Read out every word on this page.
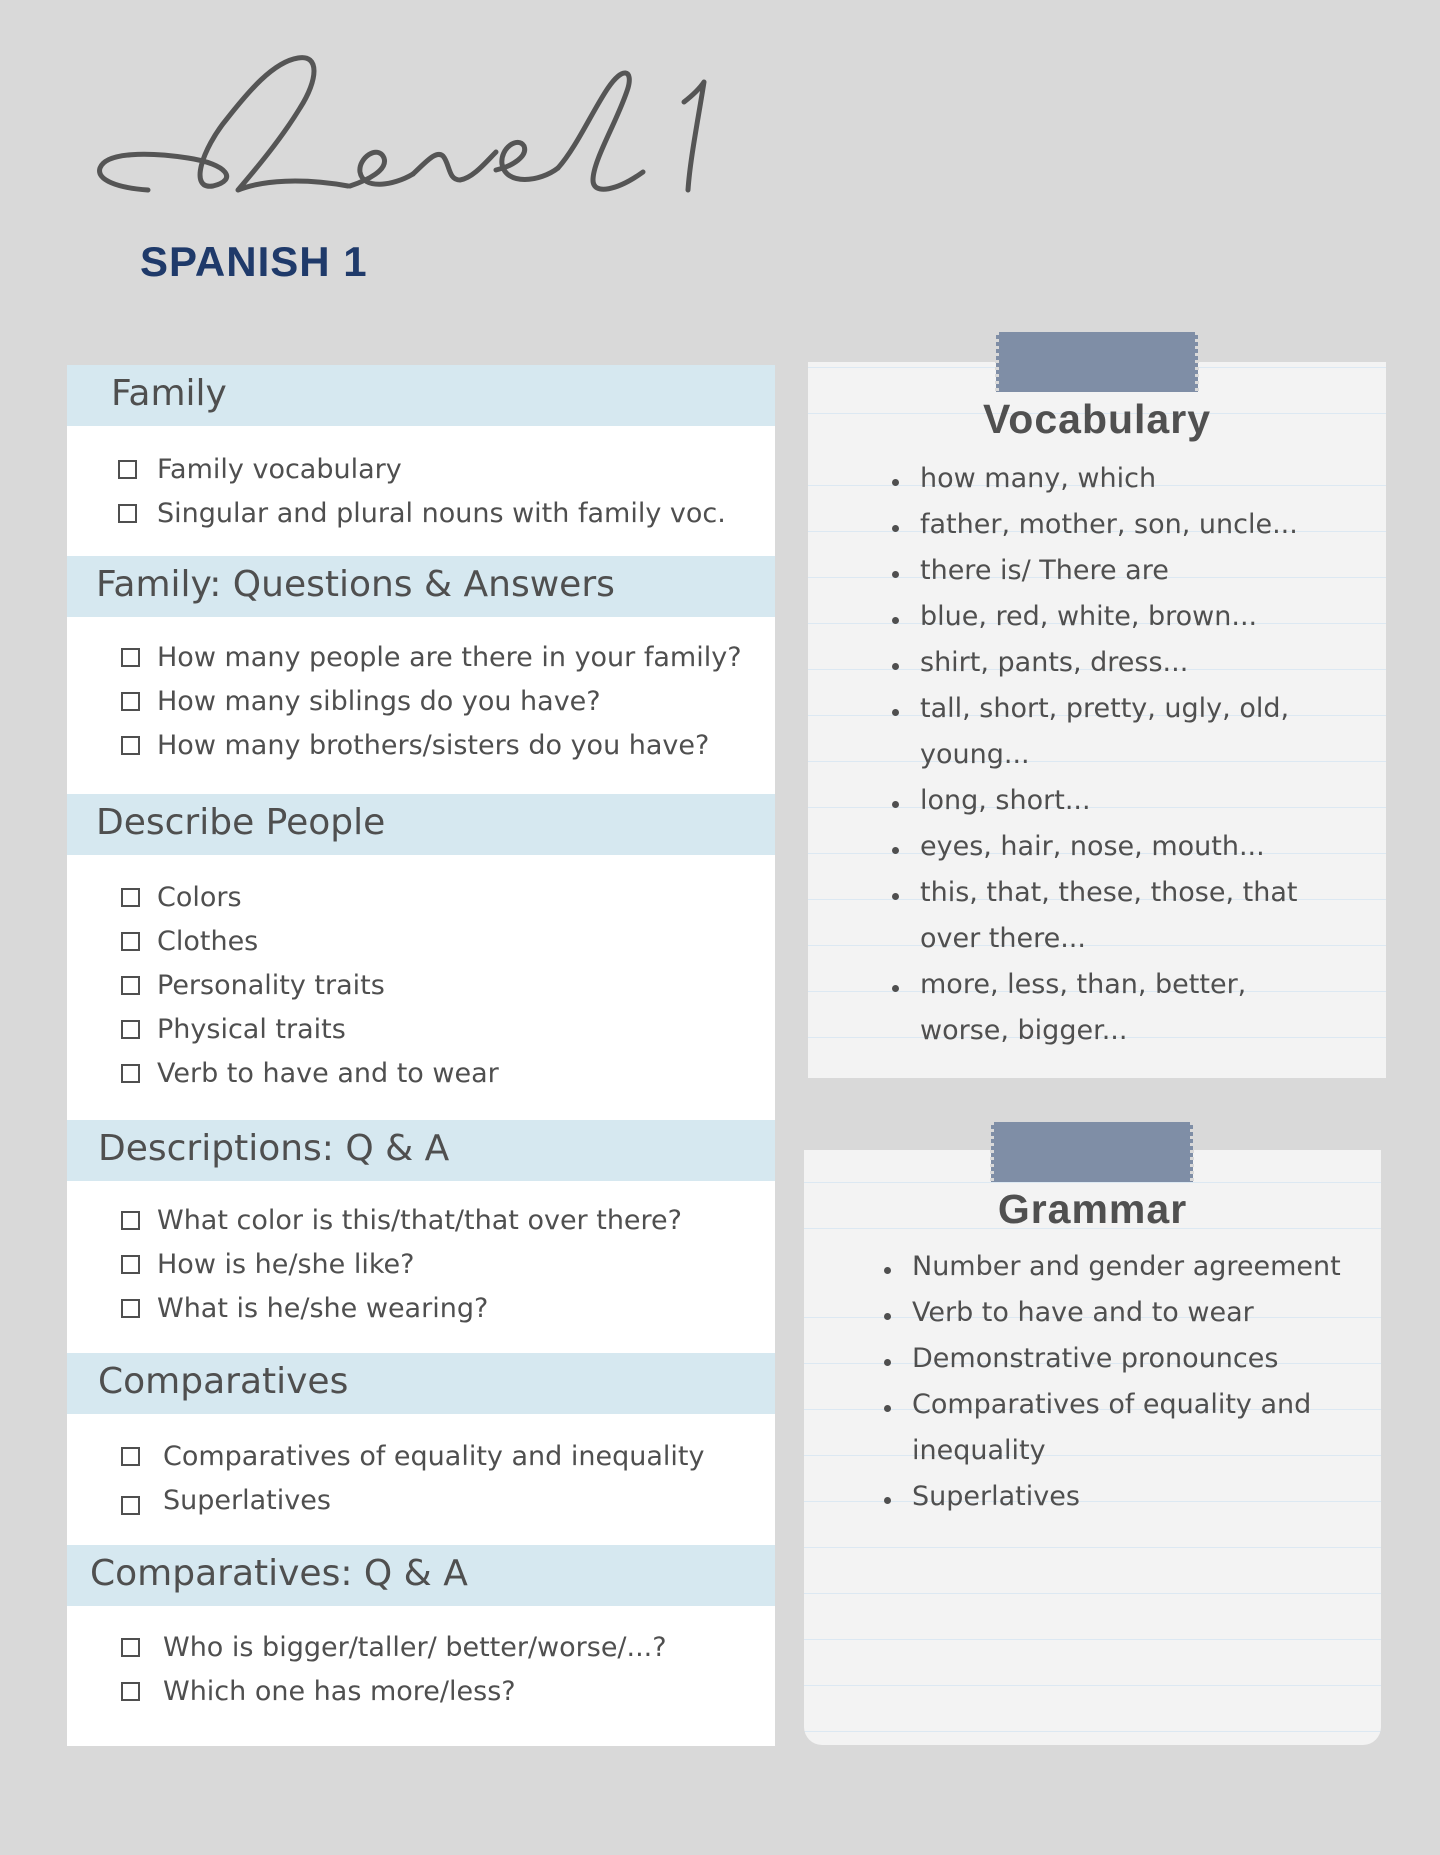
SPANISH 1
Family
Family vocabulary
Singular and plural nouns with family voc.
Family: Questions & Answers
How many people are there in your family?
How many siblings do you have?
How many brothers/sisters do you have?
Describe People
Colors
Clothes
Personality traits
Physical traits
Verb to have and to wear
Descriptions: Q & A
What color is this/that/that over there?
How is he/she like?
What is he/she wearing?
Comparatives
Comparatives of equality and inequality
Superlatives
Comparatives: Q & A
Who is bigger/taller/ better/worse/...?
Which one has more/less?
Vocabulary
how many, which
father, mother, son, uncle...
there is/ There are
blue, red, white, brown...
shirt, pants, dress...
tall, short, pretty, ugly, old,
young...
long, short...
eyes, hair, nose, mouth...
this, that, these, those, that
over there...
more, less, than, better,
worse, bigger...
Grammar
Number and gender agreement
Verb to have and to wear
Demonstrative pronounces
Comparatives of equality and
inequality
Superlatives
